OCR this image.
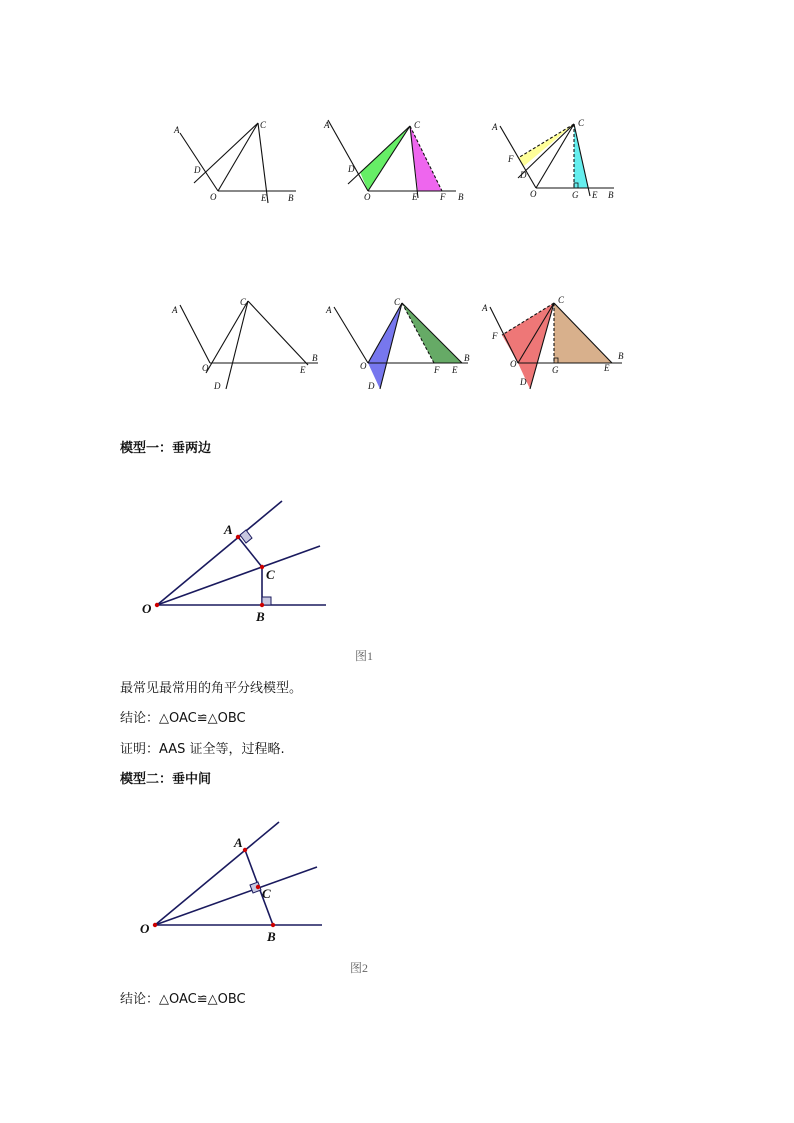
A	C
D
O	E B
A	C
D
O	E	F B
A	C
F
D
O	G E B
A
C
O
D
E
B
A
C
O
D
F E
B
A
C
F
O
D
G	E
B
模型一：垂两边
A
C
O
B
图1
最常见最常用的角平分线模型。
结论：△OAC≌△OBC
证明：AAS 证全等，过程略.
模型二：垂中间
A
C
O
B
图2
结论：△OAC≌△OBC
